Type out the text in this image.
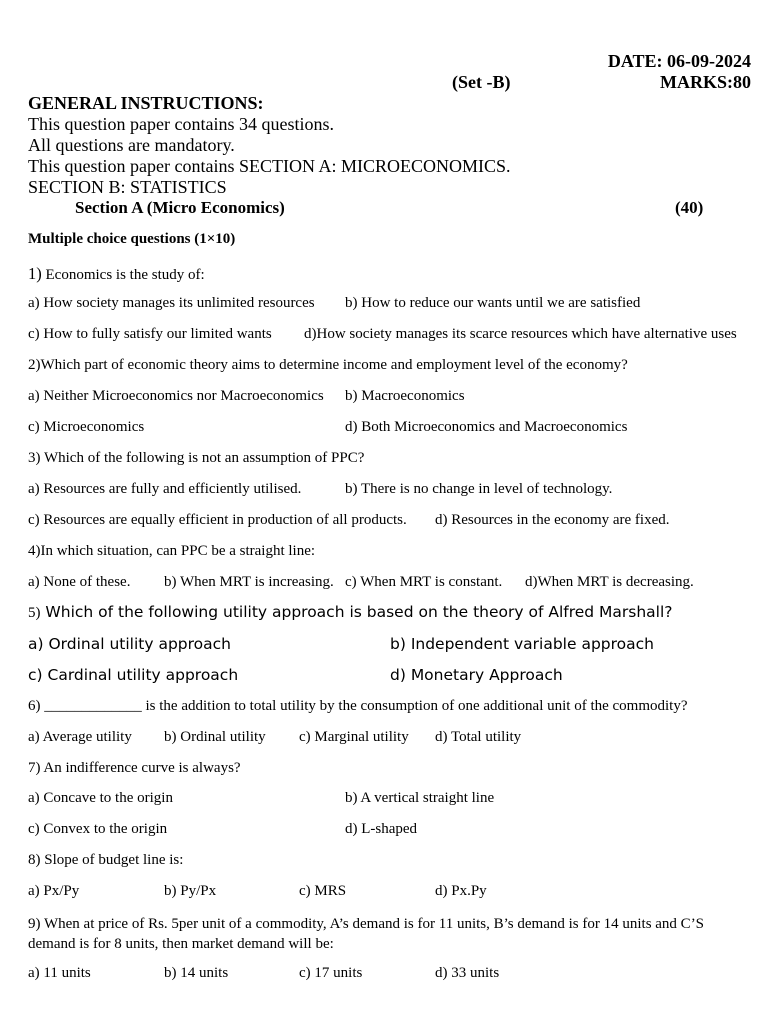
DATE: 06-09-2024
(Set -B)	MARKS:80
GENERAL INSTRUCTIONS:
This question paper contains 34 questions.
All questions are mandatory.
This question paper contains SECTION A: MICROECONOMICS.
SECTION B: STATISTICS
Section A (Micro Economics)	(40)
Multiple choice questions (1×10)
1) Economics is the study of:
a) How society manages its unlimited resources b) How to reduce our wants until we are satisfied
c) How to fully satisfy our limited wants d)How society manages its scarce resources which have alternative uses
2)Which part of economic theory aims to determine income and employment level of the economy?
a) Neither Microeconomics nor Macroeconomics b) Macroeconomics
c) Microeconomics	d) Both Microeconomics and Macroeconomics
3) Which of the following is not an assumption of PPC?
a) Resources are fully and efficiently utilised.	b) There is no change in level of technology.
c) Resources are equally efficient in production of all products. d) Resources in the economy are fixed.
4)In which situation, can PPC be a straight line:
a) None of these. b) When MRT is increasing. c) When MRT is constant. d)When MRT is decreasing.
5) Which of the following utility approach is based on the theory of Alfred Marshall?
a) Ordinal utility approach	b) Independent variable approach
c) Cardinal utility approach	d) Monetary Approach
6) _____________ is the addition to total utility by the consumption of one additional unit of the commodity?
a) Average utility b) Ordinal utility c) Marginal utility d) Total utility
7) An indifference curve is always?
a) Concave to the origin	b) A vertical straight line
c) Convex to the origin	d) L-shaped
8) Slope of budget line is:
a) Px/Py	b) Py/Px	c) MRS	d) Px.Py
9) When at price of Rs. 5per unit of a commodity, A’s demand is for 11 units, B’s demand is for 14 units and C’S demand is for 8 units, then market demand will be:
a) 11 units	b) 14 units	c) 17 units	d) 33 units
